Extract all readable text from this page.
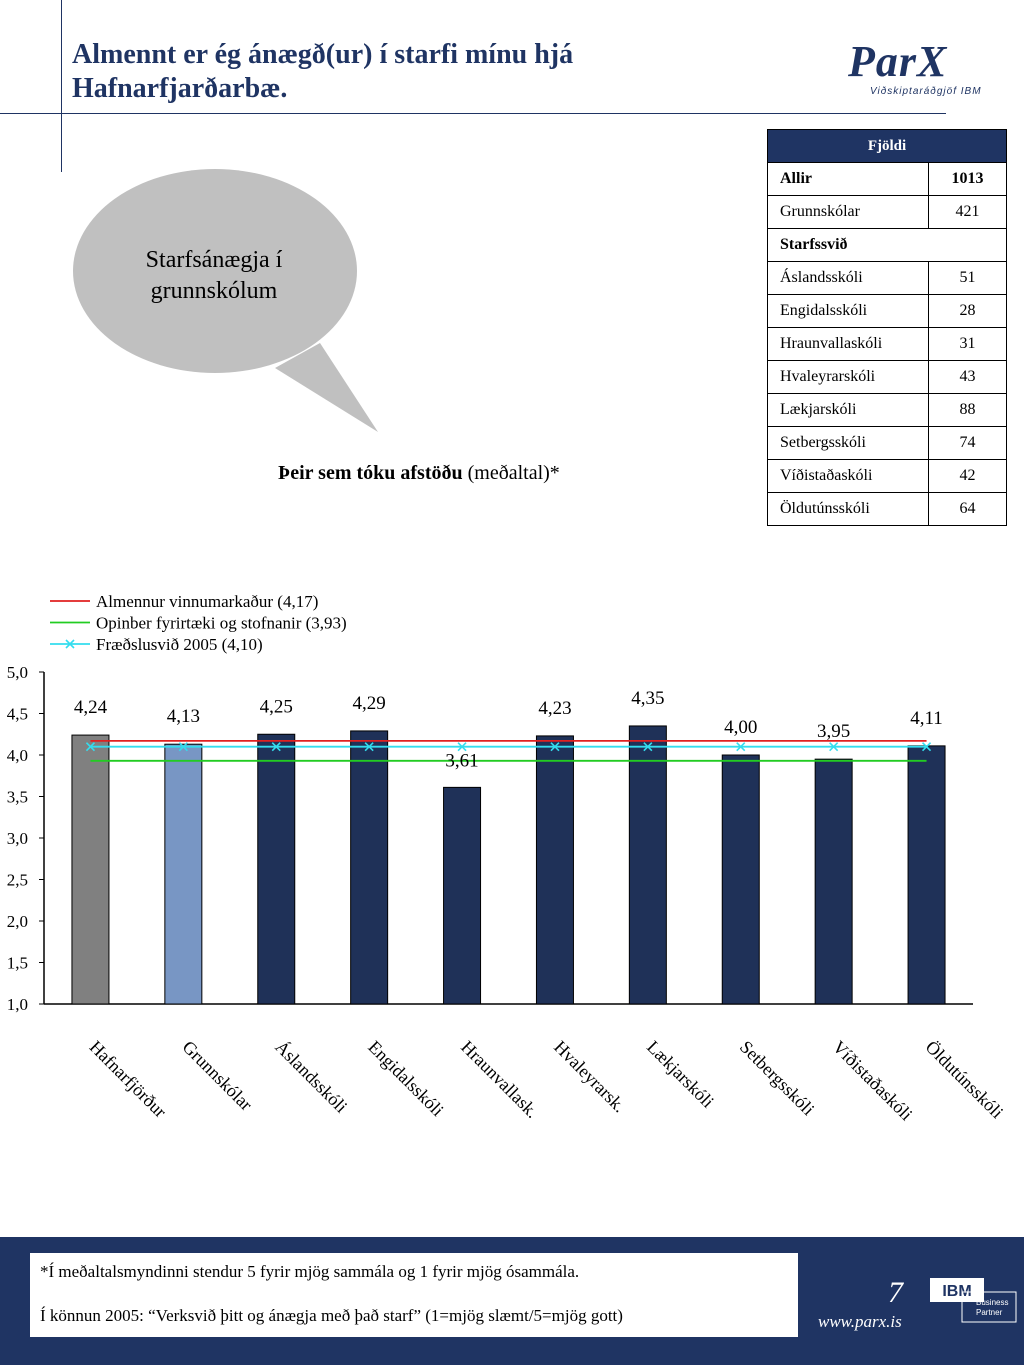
Almennt er ég ánægð(ur) í starfi mínu hjá Hafnarfjarðarbæ.
ParX
Viðskiptaráðgjöf IBM
Starfsánægja í grunnskólum
Þeir sem tóku afstöðu (meðaltal)*
Fjöldi	
Allir	1013
Grunnskólar	421
Starfssvið	
Áslandsskóli	51
Engidalsskóli	28
Hraunvallaskóli	31
Hvaleyrarskóli	43
Lækjarskóli	88
Setbergsskóli	74
Víðistaðaskóli	42
Öldutúnsskóli	64
1,0
1,5
2,0
2,5
3,0
3,5
4,0
4,5
5,0
4,24	4,13	4,25	4,29
3,61
4,23	4,35
4,00	3,95
4,11
Hafnarfjörður Grunnskólar Áslandsskóli Engidalsskóli Hraunvallask. Hvaleyrarsk. Lækjarskóli Setbergsskóli Víðistaðaskóli Öldutúnsskóli
Almennur vinnumarkaður (4,17)
Opinber fyrirtæki og stofnanir (3,93)
Fræðslusvið 2005 (4,10)
*Í meðaltalsmyndinni stendur 5 fyrir mjög sammála og 1 fyrir mjög ósammála.
Í könnun 2005: “Verksvið þitt og ánægja með það starf” (1=mjög slæmt/5=mjög gott)
7
www.parx.is
IBM
Business
Partner
